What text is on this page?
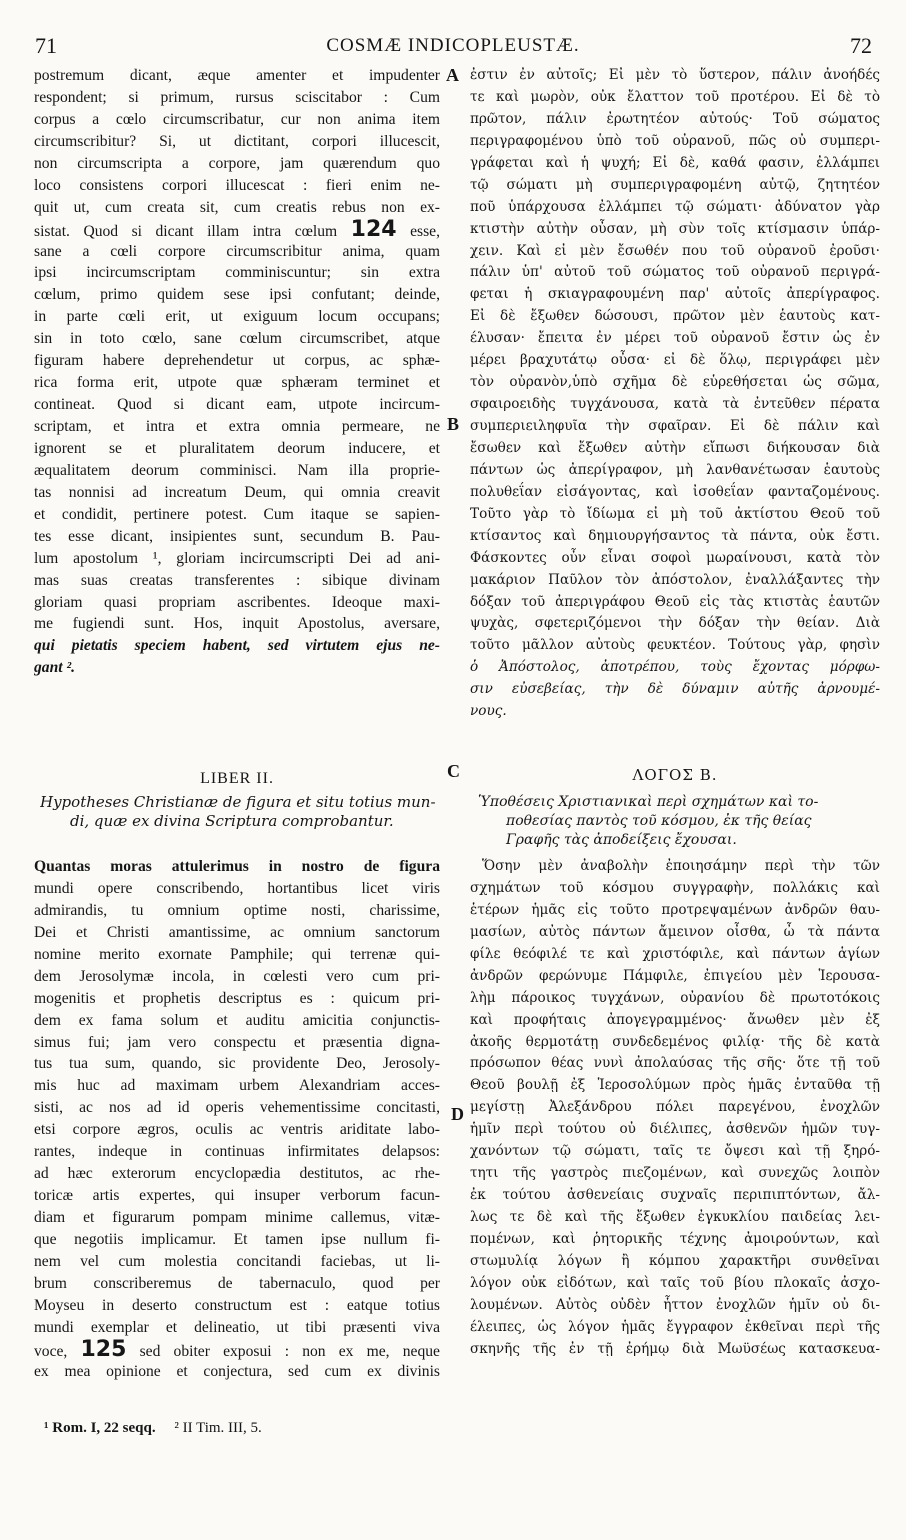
71	COSMÆ INDICOPLEUSTÆ.	72
A
B
C
D
postremum dicant, æque amenter et impudenter
respondent; si primum, rursus sciscitabor : Cum
corpus a cœlo circumscribatur, cur non anima item
circumscribitur? Si, ut dictitant, corpori illucescit,
non circumscripta a corpore, jam quærendum quo
loco consistens corpori illucescat : fieri enim ne-
quit ut, cum creata sit, cum creatis rebus non ex-
sistat. Quod si dicant illam intra cœlum 124 esse,
sane a cœli corpore circumscribitur anima, quam
ipsi incircumscriptam comminiscuntur; sin extra
cœlum, primo quidem sese ipsi confutant; deinde,
in parte cœli erit, ut exiguum locum occupans;
sin in toto cœlo, sane cœlum circumscribet, atque
figuram habere deprehendetur ut corpus, ac sphæ-
rica forma erit, utpote quæ sphæram terminet et
contineat. Quod si dicant eam, utpote incircum-
scriptam, et intra et extra omnia permeare, ne
ignorent se et pluralitatem deorum inducere, et
æqualitatem deorum comminisci. Nam illa proprie-
tas nonnisi ad increatum Deum, qui omnia creavit
et condidit, pertinere potest. Cum itaque se sapien-
tes esse dicant, insipientes sunt, secundum B. Pau-
lum apostolum ¹, gloriam incircumscripti Dei ad ani-
mas suas creatas transferentes : sibique divinam
gloriam quasi propriam ascribentes. Ideoque maxi-
me fugiendi sunt. Hos, inquit Apostolus, aversare,
qui pietatis speciem habent, sed virtutem ejus ne-
gant ².
ἐστιν ἐν αὐτοῖς; Εἰ μὲν τὸ ὕστερον, πάλιν ἀνοήδές
τε καὶ μωρὸν, οὐκ ἔλαττον τοῦ προτέρου. Εἰ δὲ τὸ
πρῶτον, πάλιν ἐρωτητέον αὐτούς· Τοῦ σώματος
περιγραφομένου ὑπὸ τοῦ οὐρανοῦ, πῶς οὐ συμπερι-
γράφεται καὶ ἡ ψυχή; Εἰ δὲ, καθά φασιν, ἐλλάμπει
τῷ σώματι μὴ συμπεριγραφομένη αὐτῷ, ζητητέον
ποῦ ὑπάρχουσα ἐλλάμπει τῷ σώματι· ἀδύνατον γὰρ
κτιστὴν αὐτὴν οὖσαν, μὴ σὺν τοῖς κτίσμασιν ὑπάρ-
χειν. Καὶ εἰ μὲν ἔσωθέν που τοῦ οὐρανοῦ ἐροῦσι·
πάλιν ὑπ' αὐτοῦ τοῦ σώματος τοῦ οὐρανοῦ περιγρά-
φεται ἡ σκιαγραφουμένη παρ' αὐτοῖς ἀπερίγραφος.
Εἰ δὲ ἔξωθεν δώσουσι, πρῶτον μὲν ἑαυτοὺς κατ-
έλυσαν· ἔπειτα ἐν μέρει τοῦ οὐρανοῦ ἔστιν ὡς ἐν
μέρει βραχυτάτῳ οὖσα· εἰ δὲ ὅλῳ, περιγράφει μὲν
τὸν οὐρανὸν,ὑπὸ σχῆμα δὲ εὑρεθήσεται ὡς σῶμα,
σφαιροειδὴς τυγχάνουσα, κατὰ τὰ ἐντεῦθεν πέρατα
συμπεριειληφυῖα τὴν σφαῖραν. Εἰ δὲ πάλιν καὶ
ἔσωθεν καὶ ἔξωθεν αὐτὴν εἴπωσι διήκουσαν διὰ
πάντων ὡς ἀπερίγραφον, μὴ λανθανέτωσαν ἑαυτοὺς
πολυθεΐαν εἰσάγοντας, καὶ ἰσοθεΐαν φανταζομένους.
Τοῦτο γὰρ τὸ ἴδίωμα εἰ μὴ τοῦ ἀκτίστου Θεοῦ τοῦ
κτίσαντος καὶ δημιουργήσαντος τὰ πάντα, οὐκ ἔστι.
Φάσκοντες οὖν εἶναι σοφοὶ μωραίνουσι, κατὰ τὸν
μακάριον Παῦλον τὸν ἀπόστολον, ἐναλλάξαντες τὴν
δόξαν τοῦ ἀπεριγράφου Θεοῦ εἰς τὰς κτιστὰς ἑαυτῶν
ψυχὰς, σφετεριζόμενοι τὴν δόξαν τὴν θείαν. Διὰ
τοῦτο μᾶλλον αὐτοὺς φευκτέον. Τούτους γὰρ, φησὶν
ὁ Ἀπόστολος, ἀποτρέπου, τοὺς ἔχοντας μόρφω-
σιν εὐσεβείας, τὴν δὲ δύναμιν αὐτῆς ἀρνουμέ-
νους.
LIBER II.	ΛΟΓΟΣ Β.
Hypotheses Christianæ de figura et situ totius mun-
di, quæ ex divina Scriptura comprobantur.
Ὑποθέσεις Χριστιανικαὶ περὶ σχημάτων καὶ το-
ποθεσίας παντὸς τοῦ κόσμου, ἐκ τῆς θείας
Γραφῆς τὰς ἀποδείξεις ἔχουσαι.
Quantas moras attulerimus in nostro de figura
mundi opere conscribendo, hortantibus licet viris
admirandis, tu omnium optime nosti, charissime,
Dei et Christi amantissime, ac omnium sanctorum
nomine merito exornate Pamphile; qui terrenæ qui-
dem Jerosolymæ incola, in cœlesti vero cum pri-
mogenitis et prophetis descriptus es : quicum pri-
dem ex fama solum et auditu amicitia conjunctis-
simus fui; jam vero conspectu et præsentia digna-
tus tua sum, quando, sic providente Deo, Jerosoly-
mis huc ad maximam urbem Alexandriam acces-
sisti, ac nos ad id operis vehementissime concitasti,
etsi corpore ægros, oculis ac ventris ariditate labo-
rantes, indeque in continuas infirmitates delapsos:
ad hæc exterorum encyclopædia destitutos, ac rhe-
toricæ artis expertes, qui insuper verborum facun-
diam et figurarum pompam minime callemus, vitæ-
que negotiis implicamur. Et tamen ipse nullum fi-
nem vel cum molestia concitandi faciebas, ut li-
brum conscriberemus de tabernaculo, quod per
Moyseu in deserto constructum est : eatque totius
mundi exemplar et delineatio, ut tibi præsenti viva
voce, 125 sed obiter exposui : non ex me, neque
ex mea opinione et conjectura, sed cum ex divinis
Ὅσην μὲν ἀναβολὴν ἐποιησάμην περὶ τὴν τῶν
σχημάτων τοῦ κόσμου συγγραφὴν, πολλάκις καὶ
ἑτέρων ἡμᾶς εἰς τοῦτο προτρεψαμένων ἀνδρῶν θαυ-
μασίων, αὐτὸς πάντων ἄμεινον οἶσθα, ὦ τὰ πάντα
φίλε θεόφιλέ τε καὶ χριστόφιλε, καὶ πάντων ἁγίων
ἀνδρῶν φερώνυμε Πάμφιλε, ἐπιγείου μὲν Ἱερουσα-
λὴμ πάροικος τυγχάνων, οὐρανίου δὲ πρωτοτόκοις
καὶ προφήταις ἀπογεγραμμένος· ἄνωθεν μὲν ἐξ
ἀκοῆς θερμοτάτῃ συνδεδεμένος φιλίᾳ· τῆς δὲ κατὰ
πρόσωπον θέας νυνὶ ἀπολαύσας τῆς σῆς· ὅτε τῇ τοῦ
Θεοῦ βουλῇ ἐξ Ἱεροσολύμων πρὸς ἡμᾶς ἐνταῦθα τῇ
μεγίστῃ Ἀλεξάνδρου πόλει παρεγένου, ἐνοχλῶν
ἡμῖν περὶ τούτου οὐ διέλιπες, ἀσθενῶν ἡμῶν τυγ-
χανόντων τῷ σώματι, ταῖς τε ὄψεσι καὶ τῇ ξηρό-
τητι τῆς γαστρὸς πιεζομένων, καὶ συνεχῶς λοιπὸν
ἐκ τούτου ἀσθενείαις συχναῖς περιπιπτόντων, ἄλ-
λως τε δὲ καὶ τῆς ἔξωθεν ἐγκυκλίου παιδείας λει-
πομένων, καὶ ῥητορικῆς τέχνης ἀμοιρούντων, καὶ
στωμυλίᾳ λόγων ἢ κόμπου χαρακτῆρι συνθεῖναι
λόγον οὐκ εἰδότων, καὶ ταῖς τοῦ βίου πλοκαῖς ἀσχο-
λουμένων. Αὐτὸς οὐδὲν ἧττον ἐνοχλῶν ἡμῖν οὐ δι-
έλειπες, ὡς λόγον ἡμᾶς ἔγγραφον ἐκθεῖναι περὶ τῆς
σκηνῆς τῆς ἐν τῇ ἐρήμῳ διὰ Μωϋσέως κατασκευα-
¹ Rom. I, 22 seqq. ² II Tim. III, 5.
